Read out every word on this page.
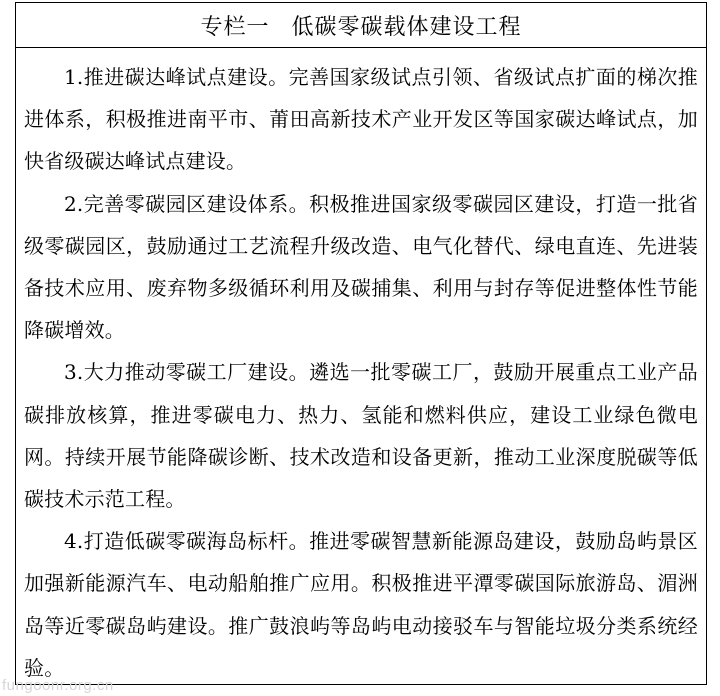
专栏一 低碳零碳载体建设工程

1.推进碳达峰试点建设。完善国家级试点引领、省级试点扩面的梯次推进体系，积极推进南平市、莆田高新技术产业开发区等国家碳达峰试点，加快省级碳达峰试点建设。

2.完善零碳园区建设体系。积极推进国家级零碳园区建设，打造一批省级零碳园区，鼓励通过工艺流程升级改造、电气化替代、绿电直连、先进装备技术应用、废弃物多级循环利用及碳捕集、利用与封存等促进整体性节能降碳增效。

3.大力推动零碳工厂建设。遴选一批零碳工厂，鼓励开展重点工业产品碳排放核算，推进零碳电力、热力、氢能和燃料供应，建设工业绿色微电网。持续开展节能降碳诊断、技术改造和设备更新，推动工业深度脱碳等低碳技术示范工程。

4.打造低碳零碳海岛标杆。推进零碳智慧新能源岛建设，鼓励岛屿景区加强新能源汽车、电动船舶推广应用。积极推进平潭零碳国际旅游岛、湄洲岛等近零碳岛屿建设。推广鼓浪屿等岛屿电动接驳车与智能垃圾分类系统经验。

fungoonr.org.cn
